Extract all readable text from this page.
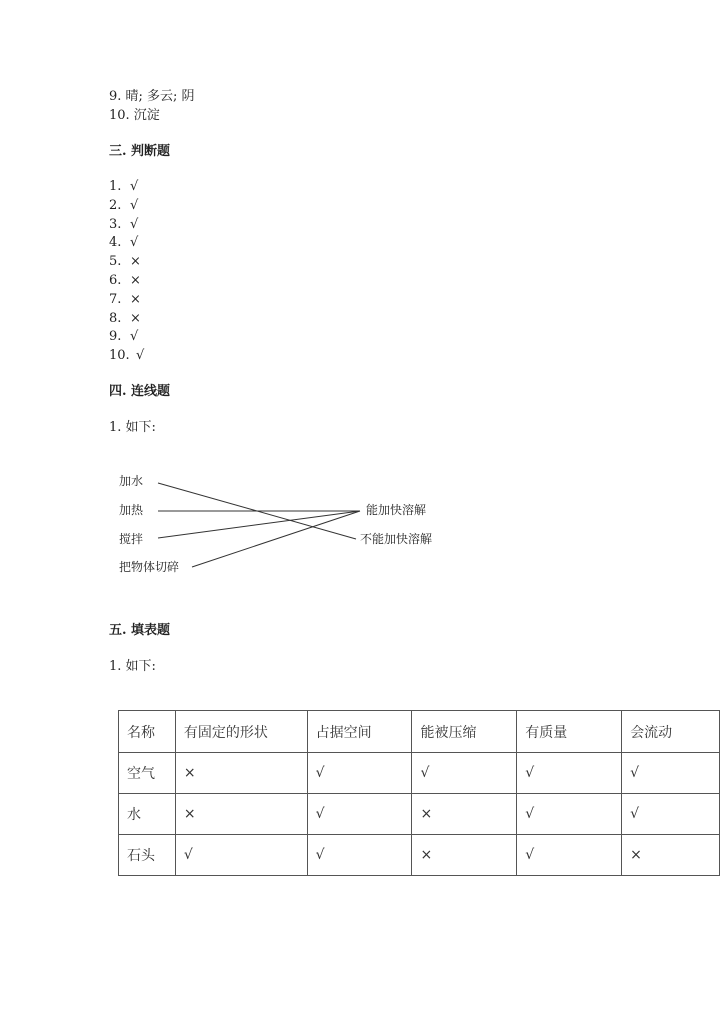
9. 晴; 多云; 阴
10. 沉淀
三. 判断题
1. √
2. √
3. √
4. √
5. ×
6. ×
7. ×
8. ×
9. √
10. √
四. 连线题
1. 如下:
加水
加热
搅拌
把物体切碎
能加快溶解
不能加快溶解
五. 填表题
1. 如下:
名称	有固定的形状	占据空间	能被压缩	有质量	会流动
空气	×	√	√	√	√
水	×	√	×	√	√
石头	√	√	×	√	×
